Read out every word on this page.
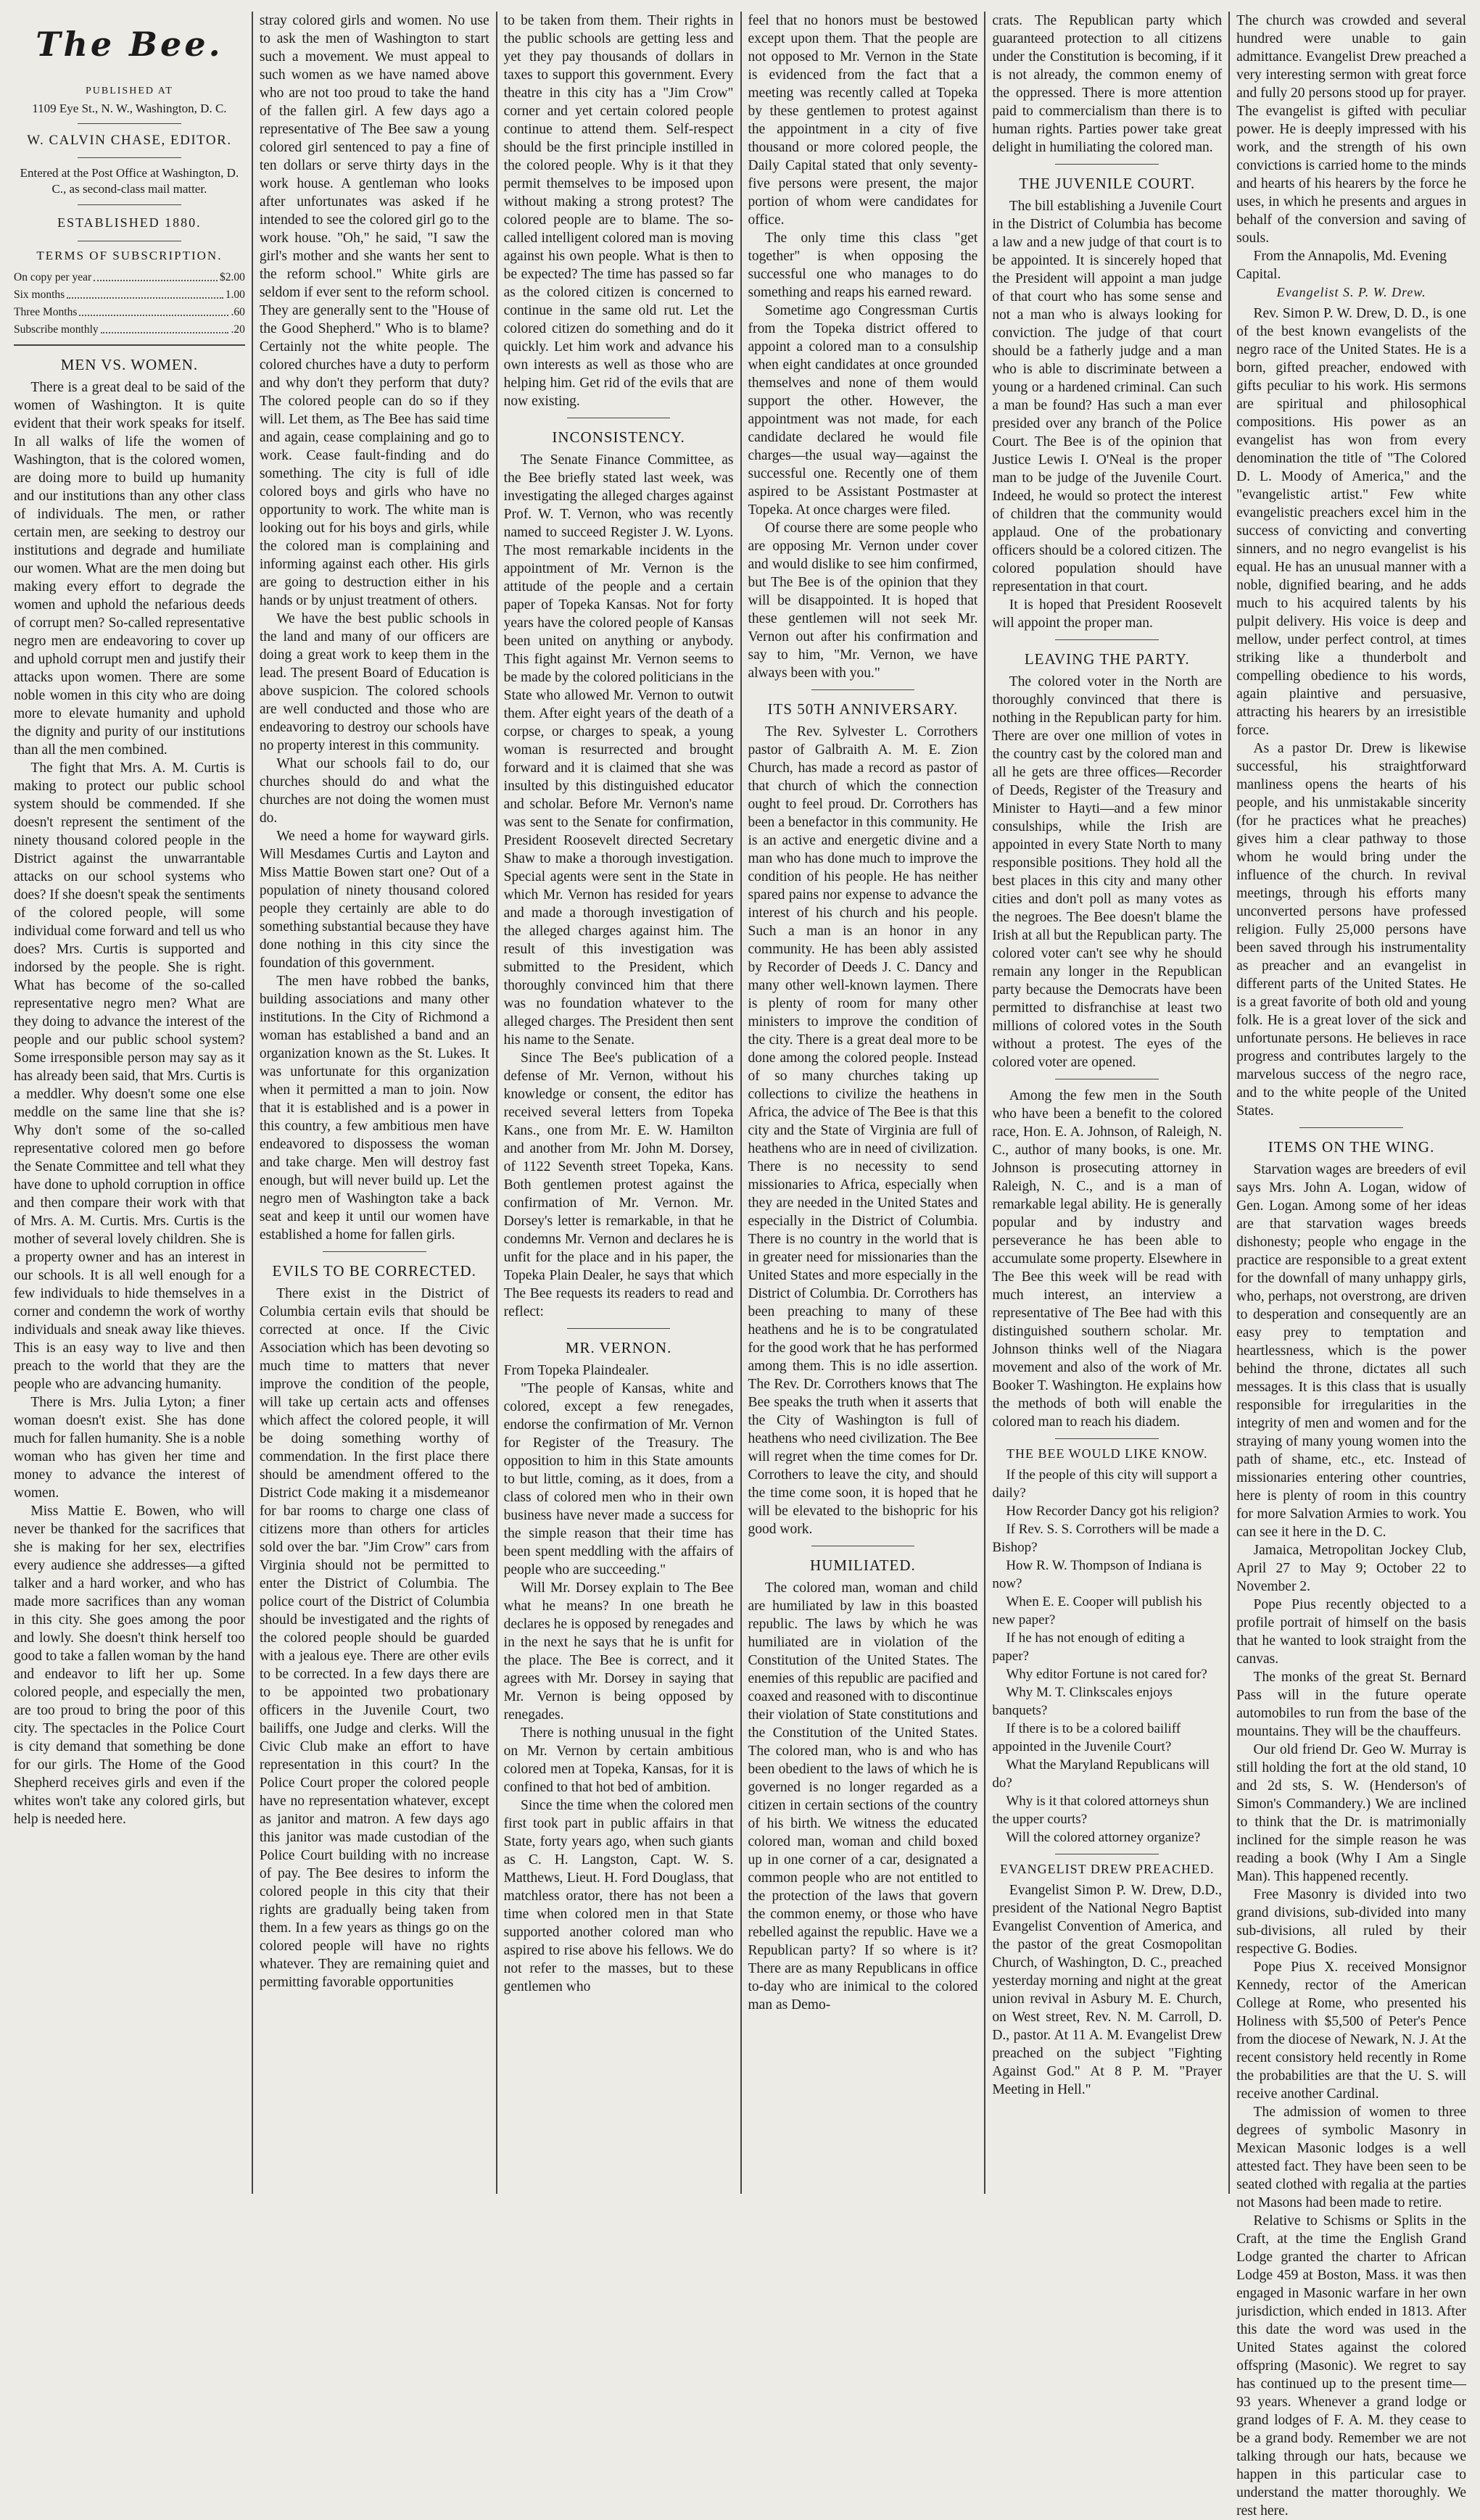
The Bee.
PUBLISHED AT
1109 Eye St., N. W., Washington, D. C.
W. CALVIN CHASE, EDITOR.
Entered at the Post Office at Washington, D. C., as second-class mail matter.
ESTABLISHED 1880.
TERMS OF SUBSCRIPTION.
On copy per year	$2.00
Six months	1.00
Three Months	.60
Subscribe monthly	.20
MEN VS. WOMEN.

There is a great deal to be said of the women of Washington. It is quite evident that their work speaks for itself. In all walks of life the women of Washington, that is the colored women, are doing more to build up humanity and our institutions than any other class of individuals. The men, or rather certain men, are seeking to destroy our institutions and degrade and humiliate our women. What are the men doing but making every effort to degrade the women and uphold the nefarious deeds of corrupt men? So-called representative negro men are endeavoring to cover up and uphold corrupt men and justify their attacks upon women. There are some noble women in this city who are doing more to elevate humanity and uphold the dignity and purity of our institutions than all the men combined.

The fight that Mrs. A. M. Curtis is making to protect our public school system should be commended. If she doesn't represent the sentiment of the ninety thousand colored people in the District against the unwarrantable attacks on our school systems who does? If she doesn't speak the sentiments of the colored people, will some individual come forward and tell us who does? Mrs. Curtis is supported and indorsed by the people. She is right. What has become of the so-called representative negro men? What are they doing to advance the interest of the people and our public school system? Some irresponsible person may say as it has already been said, that Mrs. Curtis is a meddler. Why doesn't some one else meddle on the same line that she is? Why don't some of the so-called representative colored men go before the Senate Committee and tell what they have done to uphold corruption in office and then compare their work with that of Mrs. A. M. Curtis. Mrs. Curtis is the mother of several lovely children. She is a property owner and has an interest in our schools. It is all well enough for a few individuals to hide themselves in a corner and condemn the work of worthy individuals and sneak away like thieves. This is an easy way to live and then preach to the world that they are the people who are advancing humanity.

There is Mrs. Julia Lyton; a finer woman doesn't exist. She has done much for fallen humanity. She is a noble woman who has given her time and money to advance the interest of women.

Miss Mattie E. Bowen, who will never be thanked for the sacrifices that she is making for her sex, electrifies every audience she addresses—a gifted talker and a hard worker, and who has made more sacrifices than any woman in this city. She goes among the poor and lowly. She doesn't think herself too good to take a fallen woman by the hand and endeavor to lift her up. Some colored people, and especially the men, are too proud to bring the poor of this city. The spectacles in the Police Court is city demand that something be done for our girls. The Home of the Good Shepherd receives girls and even if the whites won't take any colored girls, but help is needed here.

stray colored girls and women. No use to ask the men of Washington to start such a movement. We must appeal to such women as we have named above who are not too proud to take the hand of the fallen girl. A few days ago a representative of The Bee saw a young colored girl sentenced to pay a fine of ten dollars or serve thirty days in the work house. A gentleman who looks after unfortunates was asked if he intended to see the colored girl go to the work house. "Oh," he said, "I saw the girl's mother and she wants her sent to the reform school." White girls are seldom if ever sent to the reform school. They are generally sent to the "House of the Good Shepherd." Who is to blame? Certainly not the white people. The colored churches have a duty to perform and why don't they perform that duty? The colored people can do so if they will. Let them, as The Bee has said time and again, cease complaining and go to work. Cease fault-finding and do something. The city is full of idle colored boys and girls who have no opportunity to work. The white man is looking out for his boys and girls, while the colored man is complaining and informing against each other. His girls are going to destruction either in his hands or by unjust treatment of others.

We have the best public schools in the land and many of our officers are doing a great work to keep them in the lead. The present Board of Education is above suspicion. The colored schools are well conducted and those who are endeavoring to destroy our schools have no property interest in this community.

What our schools fail to do, our churches should do and what the churches are not doing the women must do.

We need a home for wayward girls. Will Mesdames Curtis and Layton and Miss Mattie Bowen start one? Out of a population of ninety thousand colored people they certainly are able to do something substantial because they have done nothing in this city since the foundation of this government.

The men have robbed the banks, building associations and many other institutions. In the City of Richmond a woman has established a band and an organization known as the St. Lukes. It was unfortunate for this organization when it permitted a man to join. Now that it is established and is a power in this country, a few ambitious men have endeavored to dispossess the woman and take charge. Men will destroy fast enough, but will never build up. Let the negro men of Washington take a back seat and keep it until our women have established a home for fallen girls.

EVILS TO BE CORRECTED.

There exist in the District of Columbia certain evils that should be corrected at once. If the Civic Association which has been devoting so much time to matters that never improve the condition of the people, will take up certain acts and offenses which affect the colored people, it will be doing something worthy of commendation. In the first place there should be amendment offered to the District Code making it a misdemeanor for bar rooms to charge one class of citizens more than others for articles sold over the bar. "Jim Crow" cars from Virginia should not be permitted to enter the District of Columbia. The police court of the District of Columbia should be investigated and the rights of the colored people should be guarded with a jealous eye. There are other evils to be corrected. In a few days there are to be appointed two probationary officers in the Juvenile Court, two bailiffs, one Judge and clerks. Will the Civic Club make an effort to have representation in this court? In the Police Court proper the colored people have no representation whatever, except as janitor and matron. A few days ago this janitor was made custodian of the Police Court building with no increase of pay. The Bee desires to inform the colored people in this city that their rights are gradually being taken from them. In a few years as things go on the colored people will have no rights whatever. They are remaining quiet and permitting favorable opportunities

to be taken from them. Their rights in the public schools are getting less and yet they pay thousands of dollars in taxes to support this government. Every theatre in this city has a "Jim Crow" corner and yet certain colored people continue to attend them. Self-respect should be the first principle instilled in the colored people. Why is it that they permit themselves to be imposed upon without making a strong protest? The colored people are to blame. The so-called intelligent colored man is moving against his own people. What is then to be expected? The time has passed so far as the colored citizen is concerned to continue in the same old rut. Let the colored citizen do something and do it quickly. Let him work and advance his own interests as well as those who are helping him. Get rid of the evils that are now existing.

INCONSISTENCY.

The Senate Finance Committee, as the Bee briefly stated last week, was investigating the alleged charges against Prof. W. T. Vernon, who was recently named to succeed Register J. W. Lyons. The most remarkable incidents in the appointment of Mr. Vernon is the attitude of the people and a certain paper of Topeka Kansas. Not for forty years have the colored people of Kansas been united on anything or anybody. This fight against Mr. Vernon seems to be made by the colored politicians in the State who allowed Mr. Vernon to outwit them. After eight years of the death of a corpse, or charges to speak, a young woman is resurrected and brought forward and it is claimed that she was insulted by this distinguished educator and scholar. Before Mr. Vernon's name was sent to the Senate for confirmation, President Roosevelt directed Secretary Shaw to make a thorough investigation. Special agents were sent in the State in which Mr. Vernon has resided for years and made a thorough investigation of the alleged charges against him. The result of this investigation was submitted to the President, which thoroughly convinced him that there was no foundation whatever to the alleged charges. The President then sent his name to the Senate.

Since The Bee's publication of a defense of Mr. Vernon, without his knowledge or consent, the editor has received several letters from Topeka Kans., one from Mr. E. W. Hamilton and another from Mr. John M. Dorsey, of 1122 Seventh street Topeka, Kans. Both gentlemen protest against the confirmation of Mr. Vernon. Mr. Dorsey's letter is remarkable, in that he condemns Mr. Vernon and declares he is unfit for the place and in his paper, the Topeka Plain Dealer, he says that which The Bee requests its readers to read and reflect:

MR. VERNON.

From Topeka Plaindealer.

"The people of Kansas, white and colored, except a few renegades, endorse the confirmation of Mr. Vernon for Register of the Treasury. The opposition to him in this State amounts to but little, coming, as it does, from a class of colored men who in their own business have never made a success for the simple reason that their time has been spent meddling with the affairs of people who are succeeding."

Will Mr. Dorsey explain to The Bee what he means? In one breath he declares he is opposed by renegades and in the next he says that he is unfit for the place. The Bee is correct, and it agrees with Mr. Dorsey in saying that Mr. Vernon is being opposed by renegades.

There is nothing unusual in the fight on Mr. Vernon by certain ambitious colored men at Topeka, Kansas, for it is confined to that hot bed of ambition.

Since the time when the colored men first took part in public affairs in that State, forty years ago, when such giants as C. H. Langston, Capt. W. S. Matthews, Lieut. H. Ford Douglass, that matchless orator, there has not been a time when colored men in that State supported another colored man who aspired to rise above his fellows. We do not refer to the masses, but to these gentlemen who

feel that no honors must be bestowed except upon them. That the people are not opposed to Mr. Vernon in the State is evidenced from the fact that a meeting was recently called at Topeka by these gentlemen to protest against the appointment in a city of five thousand or more colored people, the Daily Capital stated that only seventy-five persons were present, the major portion of whom were candidates for office.

The only time this class "get together" is when opposing the successful one who manages to do something and reaps his earned reward.

Sometime ago Congressman Curtis from the Topeka district offered to appoint a colored man to a consulship when eight candidates at once grounded themselves and none of them would support the other. However, the appointment was not made, for each candidate declared he would file charges—the usual way—against the successful one. Recently one of them aspired to be Assistant Postmaster at Topeka. At once charges were filed.

Of course there are some people who are opposing Mr. Vernon under cover and would dislike to see him confirmed, but The Bee is of the opinion that they will be disappointed. It is hoped that these gentlemen will not seek Mr. Vernon out after his confirmation and say to him, "Mr. Vernon, we have always been with you."

ITS 50TH ANNIVERSARY.

The Rev. Sylvester L. Corrothers pastor of Galbraith A. M. E. Zion Church, has made a record as pastor of that church of which the connection ought to feel proud. Dr. Corrothers has been a benefactor in this community. He is an active and energetic divine and a man who has done much to improve the condition of his people. He has neither spared pains nor expense to advance the interest of his church and his people. Such a man is an honor in any community. He has been ably assisted by Recorder of Deeds J. C. Dancy and many other well-known laymen. There is plenty of room for many other ministers to improve the condition of the city. There is a great deal more to be done among the colored people. Instead of so many churches taking up collections to civilize the heathens in Africa, the advice of The Bee is that this city and the State of Virginia are full of heathens who are in need of civilization. There is no necessity to send missionaries to Africa, especially when they are needed in the United States and especially in the District of Columbia. There is no country in the world that is in greater need for missionaries than the United States and more especially in the District of Columbia. Dr. Corrothers has been preaching to many of these heathens and he is to be congratulated for the good work that he has performed among them. This is no idle assertion. The Rev. Dr. Corrothers knows that The Bee speaks the truth when it asserts that the City of Washington is full of heathens who need civilization. The Bee will regret when the time comes for Dr. Corrothers to leave the city, and should the time come soon, it is hoped that he will be elevated to the bishopric for his good work.

HUMILIATED.

The colored man, woman and child are humiliated by law in this boasted republic. The laws by which he was humiliated are in violation of the Constitution of the United States. The enemies of this republic are pacified and coaxed and reasoned with to discontinue their violation of State constitutions and the Constitution of the United States. The colored man, who is and who has been obedient to the laws of which he is governed is no longer regarded as a citizen in certain sections of the country of his birth. We witness the educated colored man, woman and child boxed up in one corner of a car, designated a common people who are not entitled to the protection of the laws that govern the common enemy, or those who have rebelled against the republic. Have we a Republican party? If so where is it? There are as many Republicans in office to-day who are inimical to the colored man as Demo-

crats. The Republican party which guaranteed protection to all citizens under the Constitution is becoming, if it is not already, the common enemy of the oppressed. There is more attention paid to commercialism than there is to human rights. Parties power take great delight in humiliating the colored man.

THE JUVENILE COURT.

The bill establishing a Juvenile Court in the District of Columbia has become a law and a new judge of that court is to be appointed. It is sincerely hoped that the President will appoint a man judge of that court who has some sense and not a man who is always looking for conviction. The judge of that court should be a fatherly judge and a man who is able to discriminate between a young or a hardened criminal. Can such a man be found? Has such a man ever presided over any branch of the Police Court. The Bee is of the opinion that Justice Lewis I. O'Neal is the proper man to be judge of the Juvenile Court. Indeed, he would so protect the interest of children that the community would applaud. One of the probationary officers should be a colored citizen. The colored population should have representation in that court.

It is hoped that President Roosevelt will appoint the proper man.

LEAVING THE PARTY.

The colored voter in the North are thoroughly convinced that there is nothing in the Republican party for him. There are over one million of votes in the country cast by the colored man and all he gets are three offices—Recorder of Deeds, Register of the Treasury and Minister to Hayti—and a few minor consulships, while the Irish are appointed in every State North to many responsible positions. They hold all the best places in this city and many other cities and don't poll as many votes as the negroes. The Bee doesn't blame the Irish at all but the Republican party. The colored voter can't see why he should remain any longer in the Republican party because the Democrats have been permitted to disfranchise at least two millions of colored votes in the South without a protest. The eyes of the colored voter are opened.

Among the few men in the South who have been a benefit to the colored race, Hon. E. A. Johnson, of Raleigh, N. C., author of many books, is one. Mr. Johnson is prosecuting attorney in Raleigh, N. C., and is a man of remarkable legal ability. He is generally popular and by industry and perseverance he has been able to accumulate some property. Elsewhere in The Bee this week will be read with much interest, an interview a representative of The Bee had with this distinguished southern scholar. Mr. Johnson thinks well of the Niagara movement and also of the work of Mr. Booker T. Washington. He explains how the methods of both will enable the colored man to reach his diadem.

THE BEE WOULD LIKE KNOW.

If the people of this city will support a daily?

How Recorder Dancy got his religion?

If Rev. S. S. Corrothers will be made a Bishop?

How R. W. Thompson of Indiana is now?

When E. E. Cooper will publish his new paper?

If he has not enough of editing a paper?

Why editor Fortune is not cared for?

Why M. T. Clinkscales enjoys banquets?

If there is to be a colored bailiff appointed in the Juvenile Court?

What the Maryland Republicans will do?

Why is it that colored attorneys shun the upper courts?

Will the colored attorney organize?

EVANGELIST DREW PREACHED.

Evangelist Simon P. W. Drew, D.D., president of the National Negro Baptist Evangelist Convention of America, and the pastor of the great Cosmopolitan Church, of Washington, D. C., preached yesterday morning and night at the great union revival in Asbury M. E. Church, on West street, Rev. N. M. Carroll, D. D., pastor. At 11 A. M. Evangelist Drew preached on the subject "Fighting Against God." At 8 P. M. "Prayer Meeting in Hell."

The church was crowded and several hundred were unable to gain admittance. Evangelist Drew preached a very interesting sermon with great force and fully 20 persons stood up for prayer. The evangelist is gifted with peculiar power. He is deeply impressed with his work, and the strength of his own convictions is carried home to the minds and hearts of his hearers by the force he uses, in which he presents and argues in behalf of the conversion and saving of souls.

From the Annapolis, Md. Evening Capital.

Evangelist S. P. W. Drew.

Rev. Simon P. W. Drew, D. D., is one of the best known evangelists of the negro race of the United States. He is a born, gifted preacher, endowed with gifts peculiar to his work. His sermons are spiritual and philosophical compositions. His power as an evangelist has won from every denomination the title of "The Colored D. L. Moody of America," and the "evangelistic artist." Few white evangelistic preachers excel him in the success of convicting and converting sinners, and no negro evangelist is his equal. He has an unusual manner with a noble, dignified bearing, and he adds much to his acquired talents by his pulpit delivery. His voice is deep and mellow, under perfect control, at times striking like a thunderbolt and compelling obedience to his words, again plaintive and persuasive, attracting his hearers by an irresistible force.

As a pastor Dr. Drew is likewise successful, his straightforward manliness opens the hearts of his people, and his unmistakable sincerity (for he practices what he preaches) gives him a clear pathway to those whom he would bring under the influence of the church. In revival meetings, through his efforts many unconverted persons have professed religion. Fully 25,000 persons have been saved through his instrumentality as preacher and an evangelist in different parts of the United States. He is a great favorite of both old and young folk. He is a great lover of the sick and unfortunate persons. He believes in race progress and contributes largely to the marvelous success of the negro race, and to the white people of the United States.

ITEMS ON THE WING.

Starvation wages are breeders of evil says Mrs. John A. Logan, widow of Gen. Logan. Among some of her ideas are that starvation wages breeds dishonesty; people who engage in the practice are responsible to a great extent for the downfall of many unhappy girls, who, perhaps, not overstrong, are driven to desperation and consequently are an easy prey to temptation and heartlessness, which is the power behind the throne, dictates all such messages. It is this class that is usually responsible for irregularities in the integrity of men and women and for the straying of many young women into the path of shame, etc., etc. Instead of missionaries entering other countries, here is plenty of room in this country for more Salvation Armies to work. You can see it here in the D. C.

Jamaica, Metropolitan Jockey Club, April 27 to May 9; October 22 to November 2.

Pope Pius recently objected to a profile portrait of himself on the basis that he wanted to look straight from the canvas.

The monks of the great St. Bernard Pass will in the future operate automobiles to run from the base of the mountains. They will be the chauffeurs.

Our old friend Dr. Geo W. Murray is still holding the fort at the old stand, 10 and 2d sts, S. W. (Henderson's of Simon's Commandery.) We are inclined to think that the Dr. is matrimonially inclined for the simple reason he was reading a book (Why I Am a Single Man). This happened recently.

Free Masonry is divided into two grand divisions, sub-divided into many sub-divisions, all ruled by their respective G. Bodies.

Pope Pius X. received Monsignor Kennedy, rector of the American College at Rome, who presented his Holiness with $5,500 of Peter's Pence from the diocese of Newark, N. J. At the recent consistory held recently in Rome the probabilities are that the U. S. will receive another Cardinal.

The admission of women to three degrees of symbolic Masonry in Mexican Masonic lodges is a well attested fact. They have been seen to be seated clothed with regalia at the parties not Masons had been made to retire.

Relative to Schisms or Splits in the Craft, at the time the English Grand Lodge granted the charter to African Lodge 459 at Boston, Mass. it was then engaged in Masonic warfare in her own jurisdiction, which ended in 1813. After this date the word was used in the United States against the colored offspring (Masonic). We regret to say has continued up to the present time—93 years. Whenever a grand lodge or grand lodges of F. A. M. they cease to be a grand body. Remember we are not talking through our hats, because we happen in this particular case to understand the matter thoroughly. We rest here.
